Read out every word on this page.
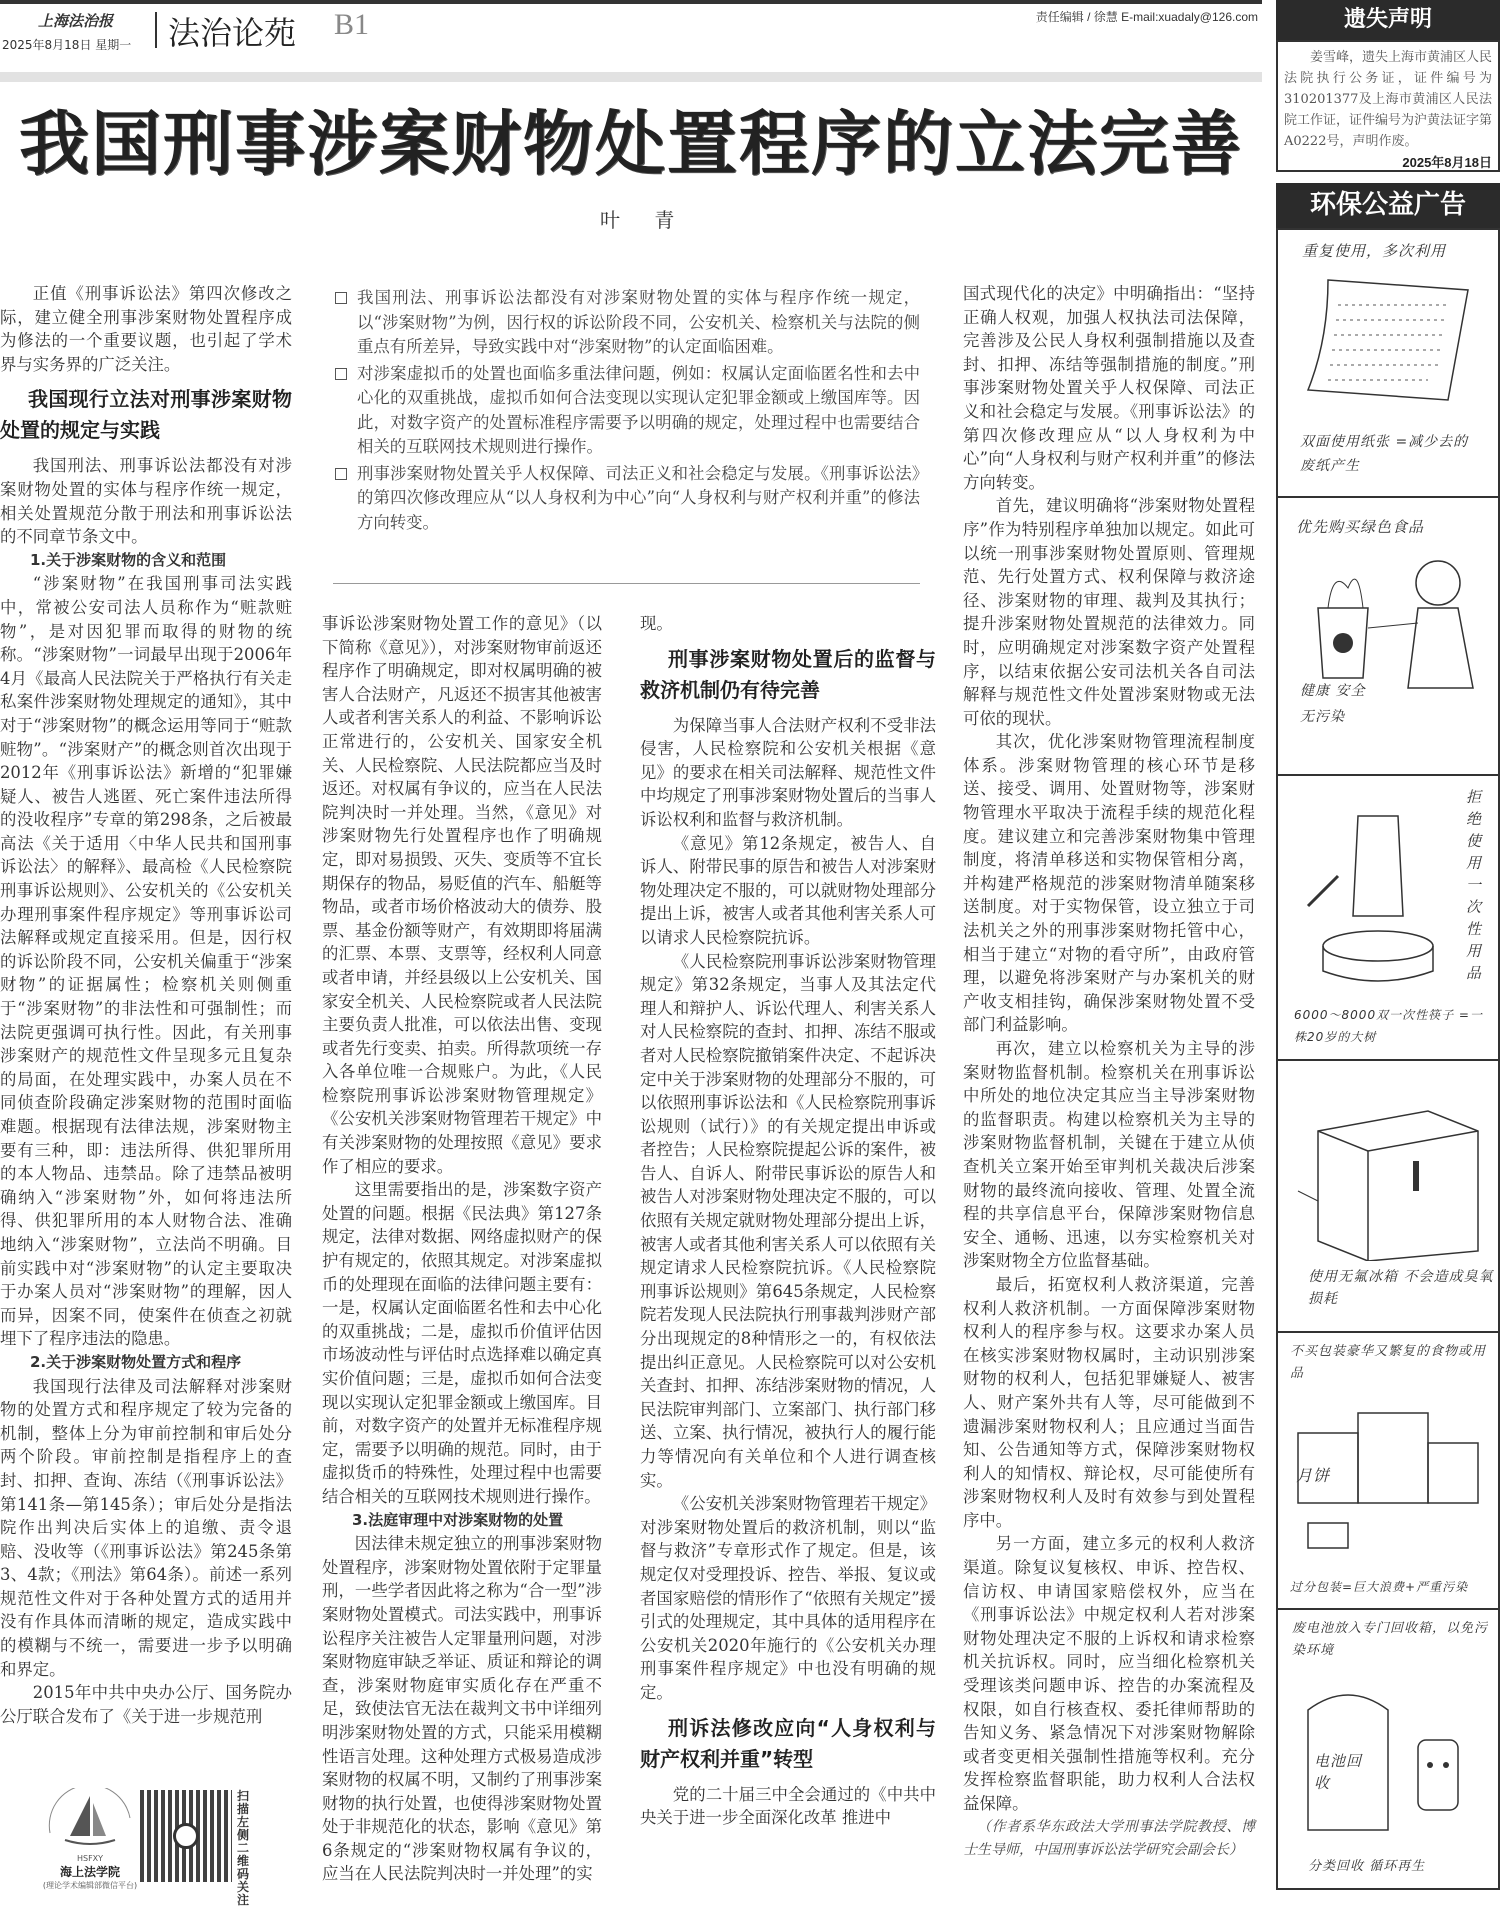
上海法治报
2025年8月18日 星期一 法治论苑 B1	责任编辑 / 徐慧 E-mail:xuadaly@126.com
我国刑事涉案财物处置程序的立法完善
叶 青
我国刑法、刑事诉讼法都没有对涉案财物处置的实体与程序作统一规定，以“涉案财物”为例，因行权的诉讼阶段不同，公安机关、检察机关与法院的侧重点有所差异，导致实践中对“涉案财物”的认定面临困难。
对涉案虚拟币的处置也面临多重法律问题，例如：权属认定面临匿名性和去中心化的双重挑战，虚拟币如何合法变现以实现认定犯罪金额或上缴国库等。因此，对数字资产的处置标准程序需要予以明确的规定，处理过程中也需要结合相关的互联网技术规则进行操作。
刑事涉案财物处置关乎人权保障、司法正义和社会稳定与发展。《刑事诉讼法》的第四次修改理应从“以人身权利为中心”向“人身权利与财产权利并重”的修法方向转变。

正值《刑事诉讼法》第四次修改之际，建立健全刑事涉案财物处置程序成为修法的一个重要议题，也引起了学术界与实务界的广泛关注。

我国现行立法对刑事涉案财物处置的规定与实践

我国刑法、刑事诉讼法都没有对涉案财物处置的实体与程序作统一规定，相关处置规范分散于刑法和刑事诉讼法的不同章节条文中。

1.关于涉案财物的含义和范围

“涉案财物”在我国刑事司法实践中，常被公安司法人员称作为“赃款赃物”，是对因犯罪而取得的财物的统称。“涉案财物”一词最早出现于2006年4月《最高人民法院关于严格执行有关走私案件涉案财物处理规定的通知》，其中对于“涉案财物”的概念运用等同于“赃款赃物”。“涉案财产”的概念则首次出现于2012年《刑事诉讼法》新增的“犯罪嫌疑人、被告人逃匿、死亡案件违法所得的没收程序”专章的第298条，之后被最高法《关于适用〈中华人民共和国刑事诉讼法〉的解释》、最高检《人民检察院刑事诉讼规则》、公安机关的《公安机关办理刑事案件程序规定》等刑事诉讼司法解释或规定直接采用。但是，因行权的诉讼阶段不同，公安机关偏重于“涉案财物”的证据属性；检察机关则侧重于“涉案财物”的非法性和可强制性；而法院更强调可执行性。因此，有关刑事涉案财产的规范性文件呈现多元且复杂的局面，在处理实践中，办案人员在不同侦查阶段确定涉案财物的范围时面临难题。根据现有法律法规，涉案财物主要有三种，即：违法所得、供犯罪所用的本人物品、违禁品。除了违禁品被明确纳入“涉案财物”外，如何将违法所得、供犯罪所用的本人财物合法、准确地纳入“涉案财物”，立法尚不明确。目前实践中对“涉案财物”的认定主要取决于办案人员对“涉案财物”的理解，因人而异，因案不同，使案件在侦查之初就埋下了程序违法的隐患。

2.关于涉案财物处置方式和程序

我国现行法律及司法解释对涉案财物的处置方式和程序规定了较为完备的机制，整体上分为审前控制和审后处分两个阶段。审前控制是指程序上的查封、扣押、查询、冻结（《刑事诉讼法》第141条—第145条）；审后处分是指法院作出判决后实体上的追缴、责令退赔、没收等（《刑事诉讼法》第245条第3、4款；《刑法》第64条）。前述一系列规范性文件对于各种处置方式的适用并没有作具体而清晰的规定，造成实践中的模糊与不统一，需要进一步予以明确和界定。

2015年中共中央办公厅、国务院办公厅联合发布了《关于进一步规范刑

事诉讼涉案财物处置工作的意见》（以下简称《意见》），对涉案财物审前返还程序作了明确规定，即对权属明确的被害人合法财产，凡返还不损害其他被害人或者利害关系人的利益、不影响诉讼正常进行的，公安机关、国家安全机关、人民检察院、人民法院都应当及时返还。对权属有争议的，应当在人民法院判决时一并处理。当然，《意见》对涉案财物先行处置程序也作了明确规定，即对易损毁、灭失、变质等不宜长期保存的物品，易贬值的汽车、船艇等物品，或者市场价格波动大的债券、股票、基金份额等财产，有效期即将届满的汇票、本票、支票等，经权利人同意或者申请，并经县级以上公安机关、国家安全机关、人民检察院或者人民法院主要负责人批准，可以依法出售、变现或者先行变卖、拍卖。所得款项统一存入各单位唯一合规账户。为此，《人民检察院刑事诉讼涉案财物管理规定》《公安机关涉案财物管理若干规定》中有关涉案财物的处理按照《意见》要求作了相应的要求。

这里需要指出的是，涉案数字资产处置的问题。根据《民法典》第127条规定，法律对数据、网络虚拟财产的保护有规定的，依照其规定。对涉案虚拟币的处理现在面临的法律问题主要有：一是，权属认定面临匿名性和去中心化的双重挑战；二是，虚拟币价值评估因市场波动性与评估时点选择难以确定真实价值问题；三是，虚拟币如何合法变现以实现认定犯罪金额或上缴国库。目前，对数字资产的处置并无标准程序规定，需要予以明确的规范。同时，由于虚拟货币的特殊性，处理过程中也需要结合相关的互联网技术规则进行操作。

3.法庭审理中对涉案财物的处置

因法律未规定独立的刑事涉案财物处置程序，涉案财物处置依附于定罪量刑，一些学者因此将之称为“合一型”涉案财物处置模式。司法实践中，刑事诉讼程序关注被告人定罪量刑问题，对涉案财物庭审缺乏举证、质证和辩论的调查，涉案财物庭审实质化存在严重不足，致使法官无法在裁判文书中详细列明涉案财物处置的方式，只能采用模糊性语言处理。这种处理方式极易造成涉案财物的权属不明，又制约了刑事涉案财物的执行处置，也使得涉案财物处置处于非规范化的状态，影响《意见》第6条规定的“涉案财物权属有争议的，应当在人民法院判决时一并处理”的实

现。

刑事涉案财物处置后的监督与救济机制仍有待完善

为保障当事人合法财产权利不受非法侵害，人民检察院和公安机关根据《意见》的要求在相关司法解释、规范性文件中均规定了刑事涉案财物处置后的当事人诉讼权利和监督与救济机制。

《意见》第12条规定，被告人、自诉人、附带民事的原告和被告人对涉案财物处理决定不服的，可以就财物处理部分提出上诉，被害人或者其他利害关系人可以请求人民检察院抗诉。

《人民检察院刑事诉讼涉案财物管理规定》第32条规定，当事人及其法定代理人和辩护人、诉讼代理人、利害关系人对人民检察院的查封、扣押、冻结不服或者对人民检察院撤销案件决定、不起诉决定中关于涉案财物的处理部分不服的，可以依照刑事诉讼法和《人民检察院刑事诉讼规则（试行）》的有关规定提出申诉或者控告；人民检察院提起公诉的案件，被告人、自诉人、附带民事诉讼的原告人和被告人对涉案财物处理决定不服的，可以依照有关规定就财物处理部分提出上诉，被害人或者其他利害关系人可以依照有关规定请求人民检察院抗诉。《人民检察院刑事诉讼规则》第645条规定，人民检察院若发现人民法院执行刑事裁判涉财产部分出现规定的8种情形之一的，有权依法提出纠正意见。人民检察院可以对公安机关查封、扣押、冻结涉案财物的情况，人民法院审判部门、立案部门、执行部门移送、立案、执行情况，被执行人的履行能力等情况向有关单位和个人进行调查核实。

《公安机关涉案财物管理若干规定》对涉案财物处置后的救济机制，则以“监督与救济”专章形式作了规定。但是，该规定仅对受理投诉、控告、举报、复议或者国家赔偿的情形作了“依照有关规定”援引式的处理规定，其中具体的适用程序在公安机关2020年施行的《公安机关办理刑事案件程序规定》中也没有明确的规定。

刑诉法修改应向“人身权利与财产权利并重”转型

党的二十届三中全会通过的《中共中央关于进一步全面深化改革 推进中

国式现代化的决定》中明确指出：“坚持正确人权观，加强人权执法司法保障，完善涉及公民人身权利强制措施以及查封、扣押、冻结等强制措施的制度。”刑事涉案财物处置关乎人权保障、司法正义和社会稳定与发展。《刑事诉讼法》的第四次修改理应从“以人身权利为中心”向“人身权利与财产权利并重”的修法方向转变。

首先，建议明确将“涉案财物处置程序”作为特别程序单独加以规定。如此可以统一刑事涉案财物处置原则、管理规范、先行处置方式、权利保障与救济途径、涉案财物的审理、裁判及其执行；提升涉案财物处置规范的法律效力。同时，应明确规定对涉案数字资产处置程序，以结束依据公安司法机关各自司法解释与规范性文件处置涉案财物或无法可依的现状。

其次，优化涉案财物管理流程制度体系。涉案财物管理的核心环节是移送、接受、调用、处置财物等，涉案财物管理水平取决于流程手续的规范化程度。建议建立和完善涉案财物集中管理制度，将清单移送和实物保管相分离，并构建严格规范的涉案财物清单随案移送制度。对于实物保管，设立独立于司法机关之外的刑事涉案财物托管中心，相当于建立“对物的看守所”，由政府管理，以避免将涉案财产与办案机关的财产收支相挂钩，确保涉案财物处置不受部门利益影响。

再次，建立以检察机关为主导的涉案财物监督机制。检察机关在刑事诉讼中所处的地位决定其应当主导涉案财物的监督职责。构建以检察机关为主导的涉案财物监督机制，关键在于建立从侦查机关立案开始至审判机关裁决后涉案财物的最终流向接收、管理、处置全流程的共享信息平台，保障涉案财物信息安全、通畅、迅速，以夯实检察机关对涉案财物全方位监督基础。

最后，拓宽权利人救济渠道，完善权利人救济机制。一方面保障涉案财物权利人的程序参与权。这要求办案人员在核实涉案财物权属时，主动识别涉案财物的权利人，包括犯罪嫌疑人、被害人、财产案外共有人等，尽可能做到不遗漏涉案财物权利人；且应通过当面告知、公告通知等方式，保障涉案财物权利人的知情权、辩论权，尽可能使所有涉案财物权利人及时有效参与到处置程序中。

另一方面，建立多元的权利人救济渠道。除复议复核权、申诉、控告权、信访权、申请国家赔偿权外，应当在《刑事诉讼法》中规定权利人若对涉案财物处理决定不服的上诉权和请求检察机关抗诉权。同时，应当细化检察机关受理该类问题申诉、控告的办案流程及权限，如自行核查权、委托律师帮助的告知义务、紧急情况下对涉案财物解除或者变更相关强制性措施等权利。充分发挥检察监督职能，助力权利人合法权益保障。

（作者系华东政法大学刑事法学院教授、博士生导师，中国刑事诉讼法学研究会副会长）

HSFXY
海上法学院
(理论学术编辑部微信平台)
扫描左侧二维码关注
遗失声明

姜雪峰，遗失上海市黄浦区人民法院执行公务证，证件编号为310201377及上海市黄浦区人民法院工作证，证件编号为沪黄法证字第A0222号，声明作废。

2025年8月18日
环保公益广告
重复使用，多次利用
双面使用纸张 =减少去的废纸产生
优先购买绿色食品
健康 安全 无污染
拒绝使用一次性用品
6000～8000双一次性筷子 =一株20岁的大树
使用无氟冰箱 不会造成臭氧损耗
不买包装豪华又繁复的食物或用品
月饼
过分包装=巨大浪费+严重污染
废电池放入专门回收箱，以免污染环境
电池回收
分类回收 循环再生
